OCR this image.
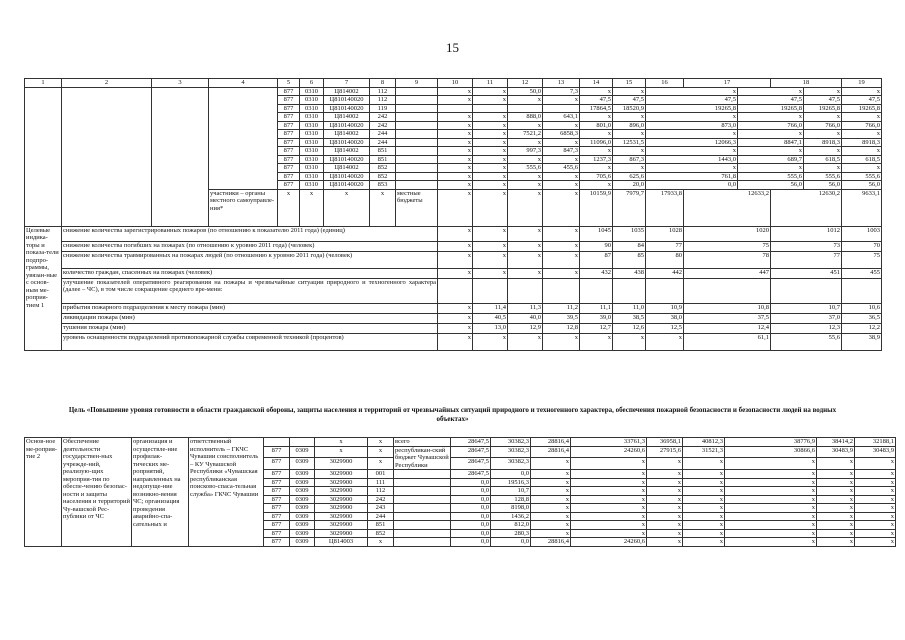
15
1	2	3	4	5	6	7	8	9	10	11	12	13	14	15	16	17		18		19	
				877	0310	Ц814002	112		x	x	50,0	7,3	x	x	x		x		x	x	
				877	0310	Ц810140020	112		x	x	x	x	47,5	47,5	47,5		47,5		47,5	47,5	
				877	0310	Ц810140020	119						17864,5	18520,9	19265,8		19265,8		19265,8	19265,8	
				877	0310	Ц814002	242		x	x	888,0	643,1	x	x	x		x		x	x	
				877	0310	Ц810140020	242		x	x	x	x	801,0	896,0	873,0		766,0		766,0	766,0	
				877	0310	Ц814002	244		x	x	7521,2	6858,3	x	x	x		x		x	x	
				877	0310	Ц810140020	244		x	x	x	x	11096,0	12531,5	12066,3		8847,1		8918,3	8918,3	
				877	0310	Ц814002	851		x	x	997,3	847,3	x	x	x		x		x	x	
				877	0310	Ц810140020	851		x	x	x	x	1237,3	867,3	1443,0		689,7		618,5	618,5	
				877	0310	Ц814002	852		x	x	555,6	455,6	x	x	x		x		x	x	
				877	0310	Ц810140020	852		x	x	x	x	705,6	625,6	761,8		555,6		555,6	555,6	
				877	0310	Ц810140020	853		x	x	x	x	x	20,0	0,0		56,0		56,0	56,0	
			участники – органы местного самоуправле-ния*	x	x	x	x	местные бюджеты	x	x	x	x	10159,9	7979,7	17933,8	12633,2		12630,2		9633,1	
Целевые индика-торы и показа-тели подпро-граммы, увязан-ные с основ-ным ме-роприя-тием 1	снижение количества зарегистрированных пожаров (по отношению к показателю 2011 года) (единиц)								x	x	x	x	1045	1035	1028	1020		1012		1003	
	снижение количества погибших на пожарах (по отношению к уровню 2011 года) (человек)								x	x	x	x	90	84	77	75		73		70	
	снижение количества травмированных на пожарах людей (по отношению к уровню 2011 года) (человек)								x	x	x	x	87	85	80	78		77		75	
	количество граждан, спасенных на пожарах (человек)								x	x	x	x	432	438	442	447		451		455	
	улучшение показателей оперативного реагирования на пожары и чрезвычайные ситуации природного и техногенного характера (далее – ЧС), в том числе сокращение среднего вре-мени:																				
	прибытия пожарного подразделения к месту пожара (мин)								x	11,4	11,3	11,2	11,1	11,0	10,9	10,8		10,7		10,6	
	ликвидации пожара (мин)								x	40,5	40,0	39,5	39,0	38,5	38,0	37,5		37,0		36,5	
	тушения пожара (мин)								x	13,0	12,9	12,8	12,7	12,6	12,5	12,4		12,3		12,2	
	уровень оснащенности подразделений противопожарной службы современной техникой (процентов)								x	x	x	x	x	x	x	61,1		55,6		38,9	
Цель «Повышение уровня готовности в области гражданской обороны, защиты населения и территорий от чрезвычайных ситуаций природного и техногенного характера, обеспечения пожарной безопасности и безопасности людей на водных объектах»
Основ-ное ме-роприя-тие 2	Обеспечение деятельности государствен-ных учрежде-ний, реализую-щих мероприя-тия по обеспе-чению безопас-ности и защиты населения и территорий Чу-вашской Рес-публики от ЧС	организация и осуществле-ние профилак-тических ме-роприятий, направленных на недопуще-ние возникно-вения ЧС; организация проведения аварийно-спа-сательных и	ответственный исполнитель – ГКЧС Чувашии соисполнитель – КУ Чувашской Республики «Чувашская республиканская поисково-спаса-тельная служба» ГКЧС Чувашии			x	x	всего	28647,5	30382,3	28816,4	33761,3	36958,1	40812,3	38776,9	38414,2	32188,1	
				877	0309	x	x	республикан-ский бюджет Чувашской Республики	28647,5	30382,3	28816,4	24260,6	27915,6	31521,3	30866,6	30483,9	30483,9	
				877	0309	3029900	x		28647,5	30382,3	x	x	x	x	x	x	x	
				877	0309	3029900	001		28647,5	0,0	x	x	x	x	x	x	x	
				877	0309	3029900	111		0,0	19516,3	x	x	x	x	x	x	x	
				877	0309	3029900	112		0,0	10,7	x	x	x	x	x	x	x	
				877	0309	3029900	242		0,0	128,8	x	x	x	x	x	x	x	
				877	0309	3029900	243		0,0	8198,0	x	x	x	x	x	x	x	
				877	0309	3029900	244		0,0	1436,2	x	x	x	x	x	x	x	
				877	0309	3029900	851		0,0	812,0	x	x	x	x	x	x	x	
				877	0309	3029900	852		0,0	280,3	x	x	x	x	x	x	x	
				877	0309	Ц814003	x		0,0	0,0	28816,4	24260,6	x	x	x	x	x	
